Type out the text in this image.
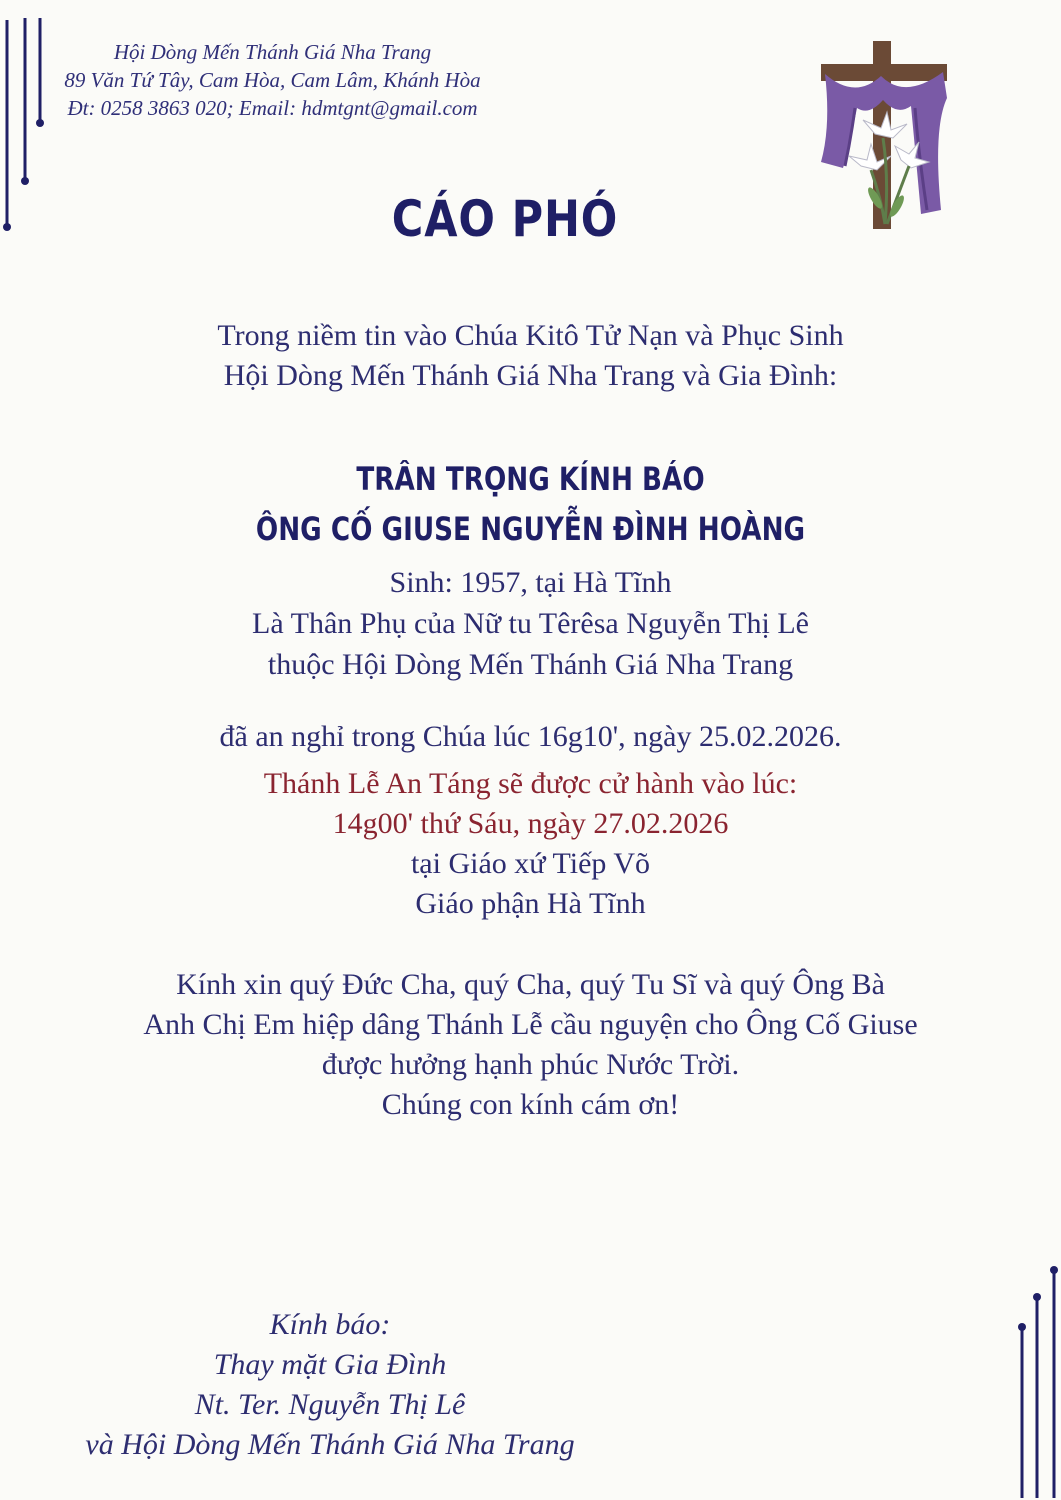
Hội Dòng Mến Thánh Giá Nha Trang
89 Văn Tứ Tây, Cam Hòa, Cam Lâm, Khánh Hòa
Đt: 0258 3863 020; Email: hdmtgnt@gmail.com
CÁO PHÓ
Trong niềm tin vào Chúa Kitô Tử Nạn và Phục Sinh
Hội Dòng Mến Thánh Giá Nha Trang và Gia Đình:
TRÂN TRỌNG KÍNH BÁO
ÔNG CỐ GIUSE NGUYỄN ĐÌNH HOÀNG
Sinh: 1957, tại Hà Tĩnh
Là Thân Phụ của Nữ tu Têrêsa Nguyễn Thị Lê
thuộc Hội Dòng Mến Thánh Giá Nha Trang
đã an nghỉ trong Chúa lúc 16g10', ngày 25.02.2026.
Thánh Lễ An Táng sẽ được cử hành vào lúc:
14g00' thứ Sáu, ngày 27.02.2026
tại Giáo xứ Tiếp Võ
Giáo phận Hà Tĩnh
Kính xin quý Đức Cha, quý Cha, quý Tu Sĩ và quý Ông Bà
Anh Chị Em hiệp dâng Thánh Lễ cầu nguyện cho Ông Cố Giuse
được hưởng hạnh phúc Nước Trời.
Chúng con kính cám ơn!
Kính báo:
Thay mặt Gia Đình
Nt. Ter. Nguyễn Thị Lê
và Hội Dòng Mến Thánh Giá Nha Trang
